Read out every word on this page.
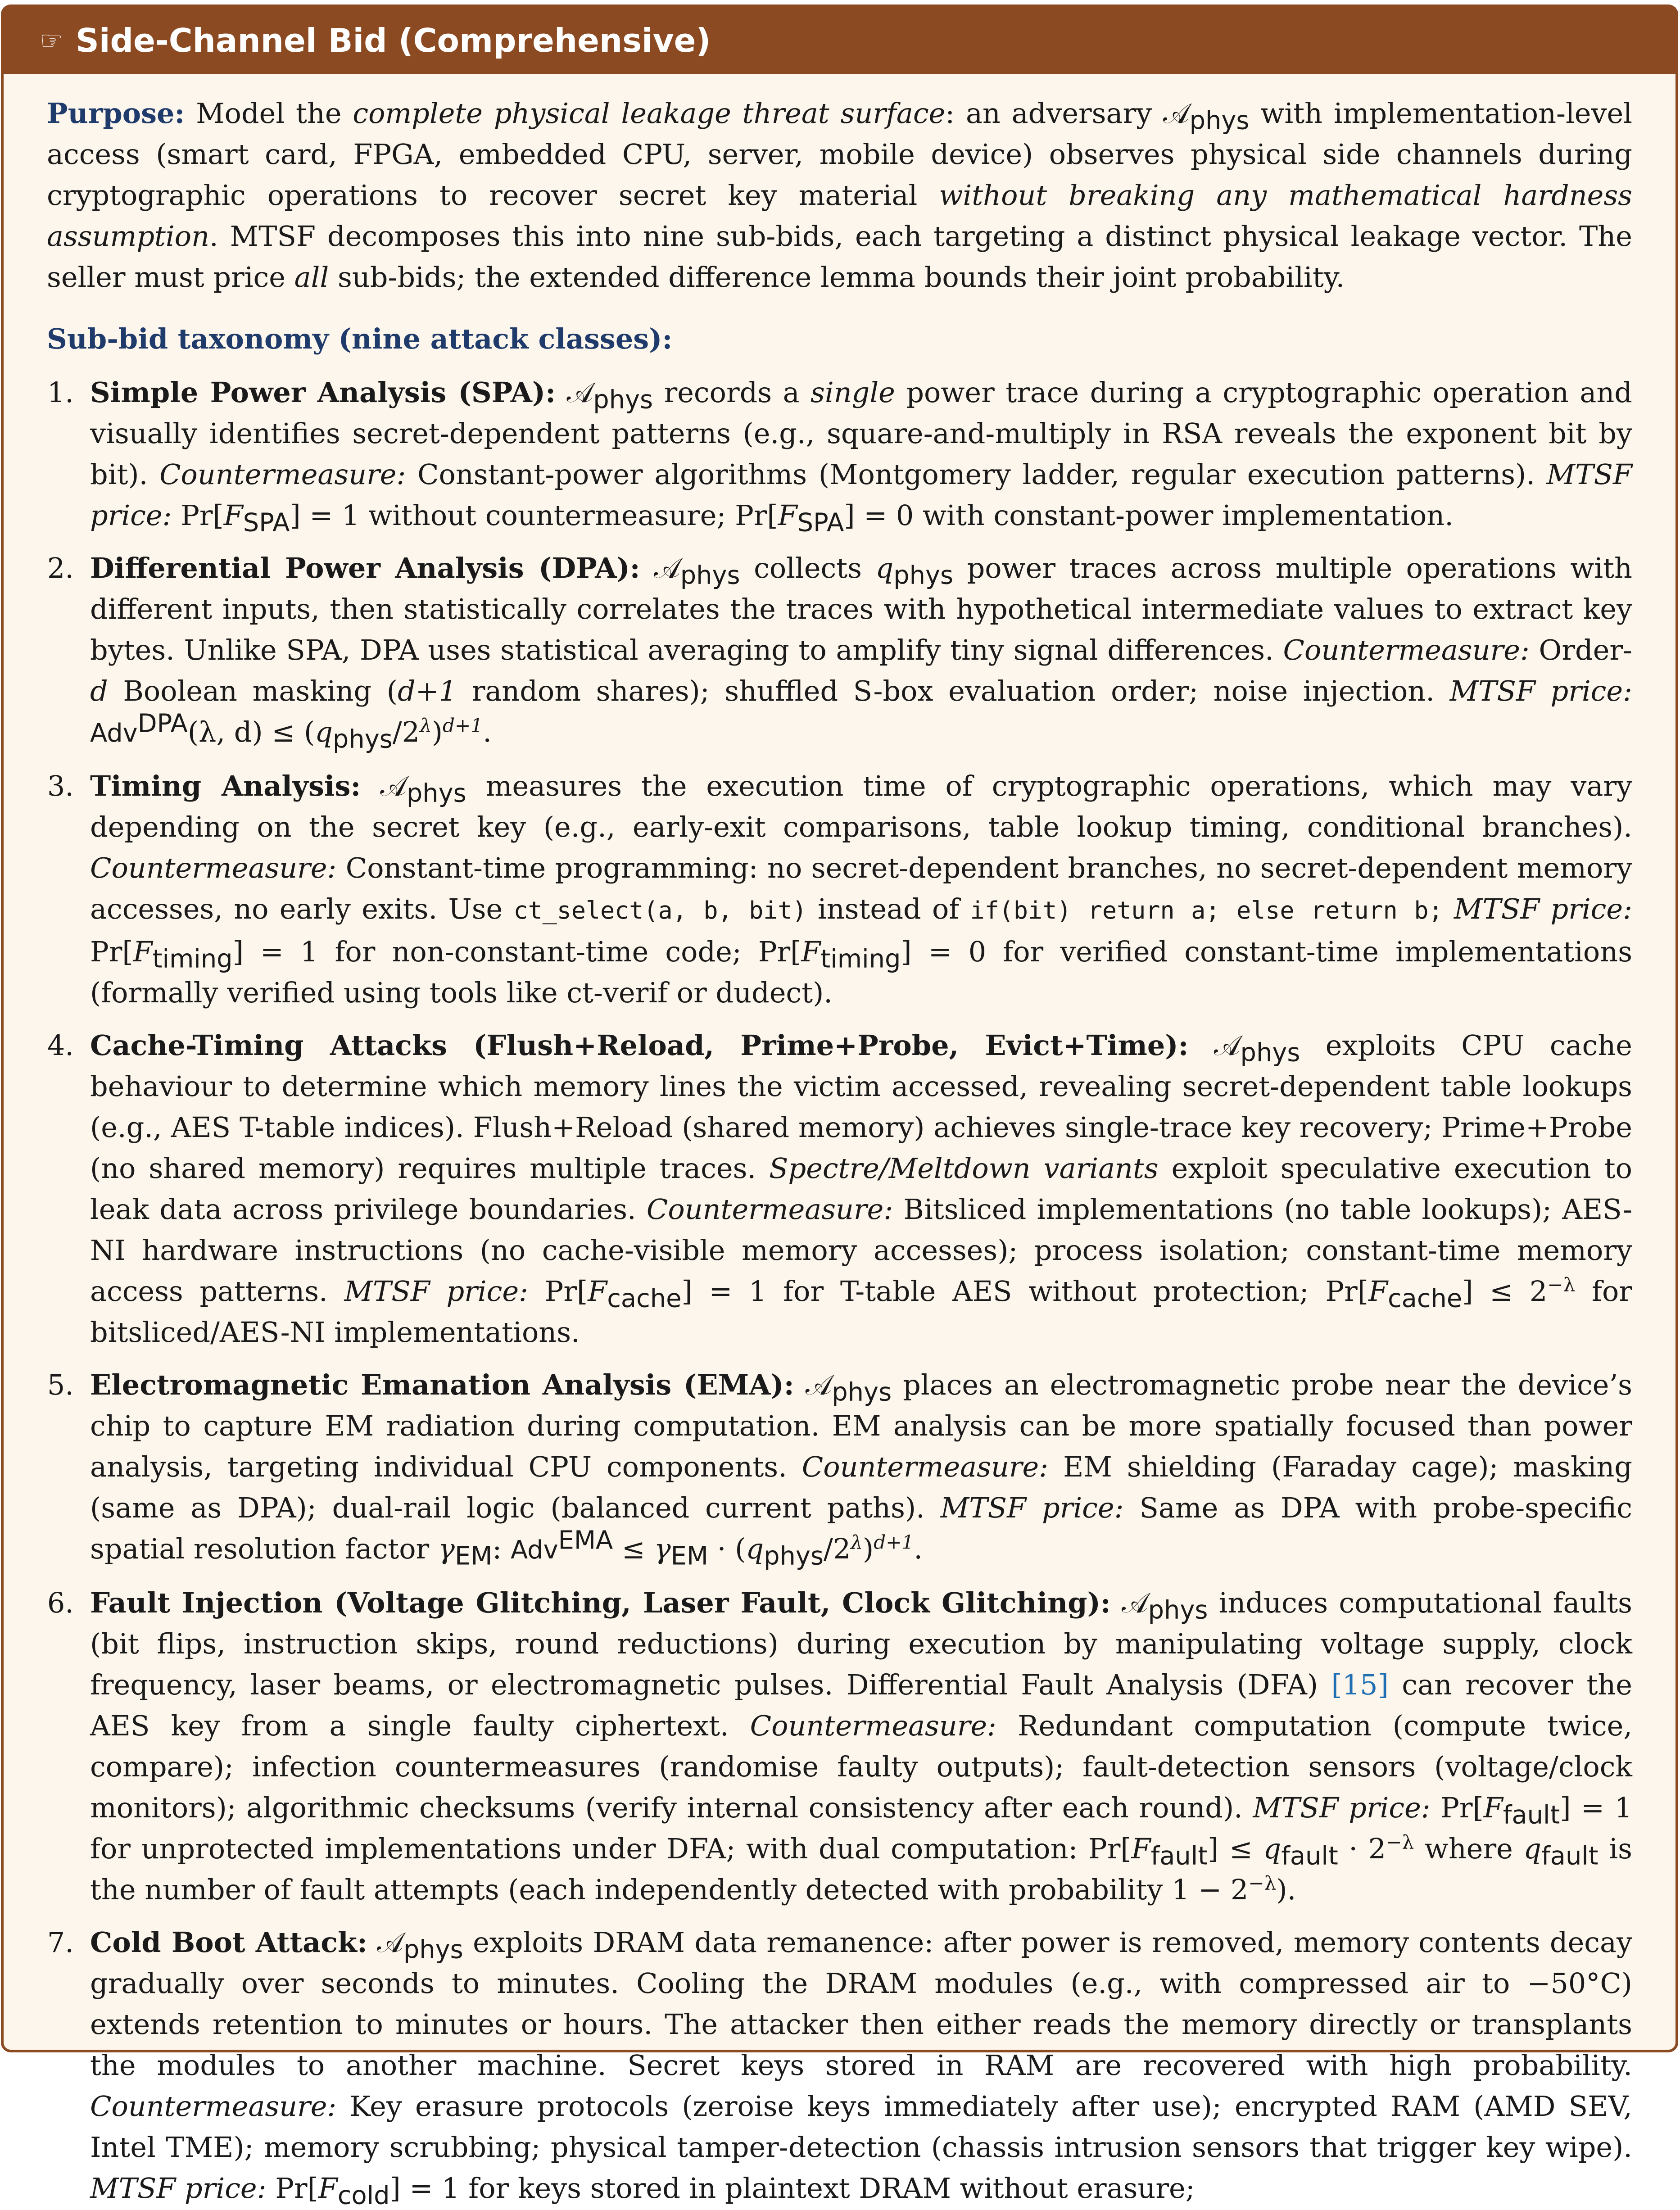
☞ Side-Channel Bid (Comprehensive)

Purpose: Model the complete physical leakage threat surface: an adversary 𝒜$_{phys}$ with implementation-level access (smart card, FPGA, embedded CPU, server, mobile device) observes physical side channels during cryptographic operations to recover secret key material without breaking any mathematical hardness assumption. MTSF decomposes this into nine sub-bids, each targeting a distinct physical leakage vector. The seller must price all sub-bids; the extended difference lemma bounds their joint probability.

Sub-bid taxonomy (nine attack classes):

1. Simple Power Analysis (SPA): 𝒜$_{phys}$ records a single power trace during a cryptographic operation and visually identifies secret-dependent patterns (e.g., square-and-multiply in RSA reveals the exponent bit by bit). Countermeasure: Constant-power algorithms (Montgomery ladder, regular execution patterns). MTSF price: $Pr[F_{SPA}] = 1$ without countermeasure; $Pr[F_{SPA}] = 0$ with constant-power implementation.
2. Differential Power Analysis (DPA): 𝒜$_{phys}$ collects $q_{phys}$ power traces across multiple operations with different inputs, then statistically correlates the traces with hypothetical intermediate values to extract key bytes. Unlike SPA, DPA uses statistical averaging to amplify tiny signal differences. Countermeasure: Order-d Boolean masking (d+1 random shares); shuffled S-box evaluation order; noise injection. MTSF price: Adv$^{DPA}$(λ, $d) \le (q_{phys}/2^\lambda)^{d+1}$.
3. Timing Analysis: 𝒜$_{phys}$ measures the execution time of cryptographic operations, which may vary depending on the secret key (e.g., early-exit comparisons, table lookup timing, conditional branches). Countermeasure: Constant-time programming: no secret-dependent branches, no secret-dependent memory accesses, no early exits. Use ct_select(a, b, bit) instead of if(bit) return a; else return b; MTSF price: $Pr[F_{timing}] = 1$ for non-constant-time code; $Pr[F_{timing}] = 0$ for verified constant-time implementations (formally verified using tools like ct-verif or dudect).
4. Cache-Timing Attacks (Flush+Reload, Prime+Probe, Evict+Time): 𝒜$_{phys}$ exploits CPU cache behaviour to determine which memory lines the victim accessed, revealing secret-dependent table lookups (e.g., AES T-table indices). Flush+Reload (shared memory) achieves single-trace key recovery; Prime+Probe (no shared memory) requires multiple traces. Spectre/Meltdown variants exploit speculative execution to leak data across privilege boundaries. Countermeasure: Bitsliced implementations (no table lookups); AES-NI hardware instructions (no cache-visible memory accesses); process isolation; constant-time memory access patterns. MTSF price: $Pr[F_{cache}] = 1$ for T-table AES without protection; $Pr[F_{cache}] \le 2^{-\lambda}$ for bitsliced/AES-NI implementations.
5. Electromagnetic Emanation Analysis (EMA): 𝒜$_{phys}$ places an electromagnetic probe near the device’s chip to capture EM radiation during computation. EM analysis can be more spatially focused than power analysis, targeting individual CPU components. Countermeasure: EM shielding (Faraday cage); masking (same as DPA); dual-rail logic (balanced current paths). MTSF price: Same as DPA with probe-specific spatial resolution factor $\gamma_{EM}$: $Adv^{EMA} \le \gamma_{EM} \cdot (q_{phys}/2^\lambda)^{d+1}$.
6. Fault Injection (Voltage Glitching, Laser Fault, Clock Glitching): 𝒜$_{phys}$ induces computational faults (bit flips, instruction skips, round reductions) during execution by manipulating voltage supply, clock frequency, laser beams, or electromagnetic pulses. Differential Fault Analysis (DFA) [15] can recover the AES key from a single faulty ciphertext. Countermeasure: Redundant computation (compute twice, compare); infection countermeasures (randomise faulty outputs); fault-detection sensors (voltage/clock monitors); algorithmic checksums (verify internal consistency after each round). MTSF price: $Pr[F_{fault}] = 1$ for unprotected implementations under DFA; with dual computation: $Pr[F_{fault}] \le q_{fault} \cdot 2^{-\lambda}$ where $q_{fault}$ is the number of fault attempts (each independently detected with probability $1 - 2^{-\lambda}$).
7. Cold Boot Attack: 𝒜$_{phys}$ exploits DRAM data remanence: after power is removed, memory contents decay gradually over seconds to minutes. Cooling the DRAM modules (e.g., with compressed air to −50°C) extends retention to minutes or hours. The attacker then either reads the memory directly or transplants the modules to another machine. Secret keys stored in RAM are recovered with high probability. Countermeasure: Key erasure protocols (zeroise keys immediately after use); encrypted RAM (AMD SEV, Intel TME); memory scrubbing; physical tamper-detection (chassis intrusion sensors that trigger key wipe). MTSF price: $Pr[F_{cold}] = 1$ for keys stored in plaintext DRAM without erasure;
